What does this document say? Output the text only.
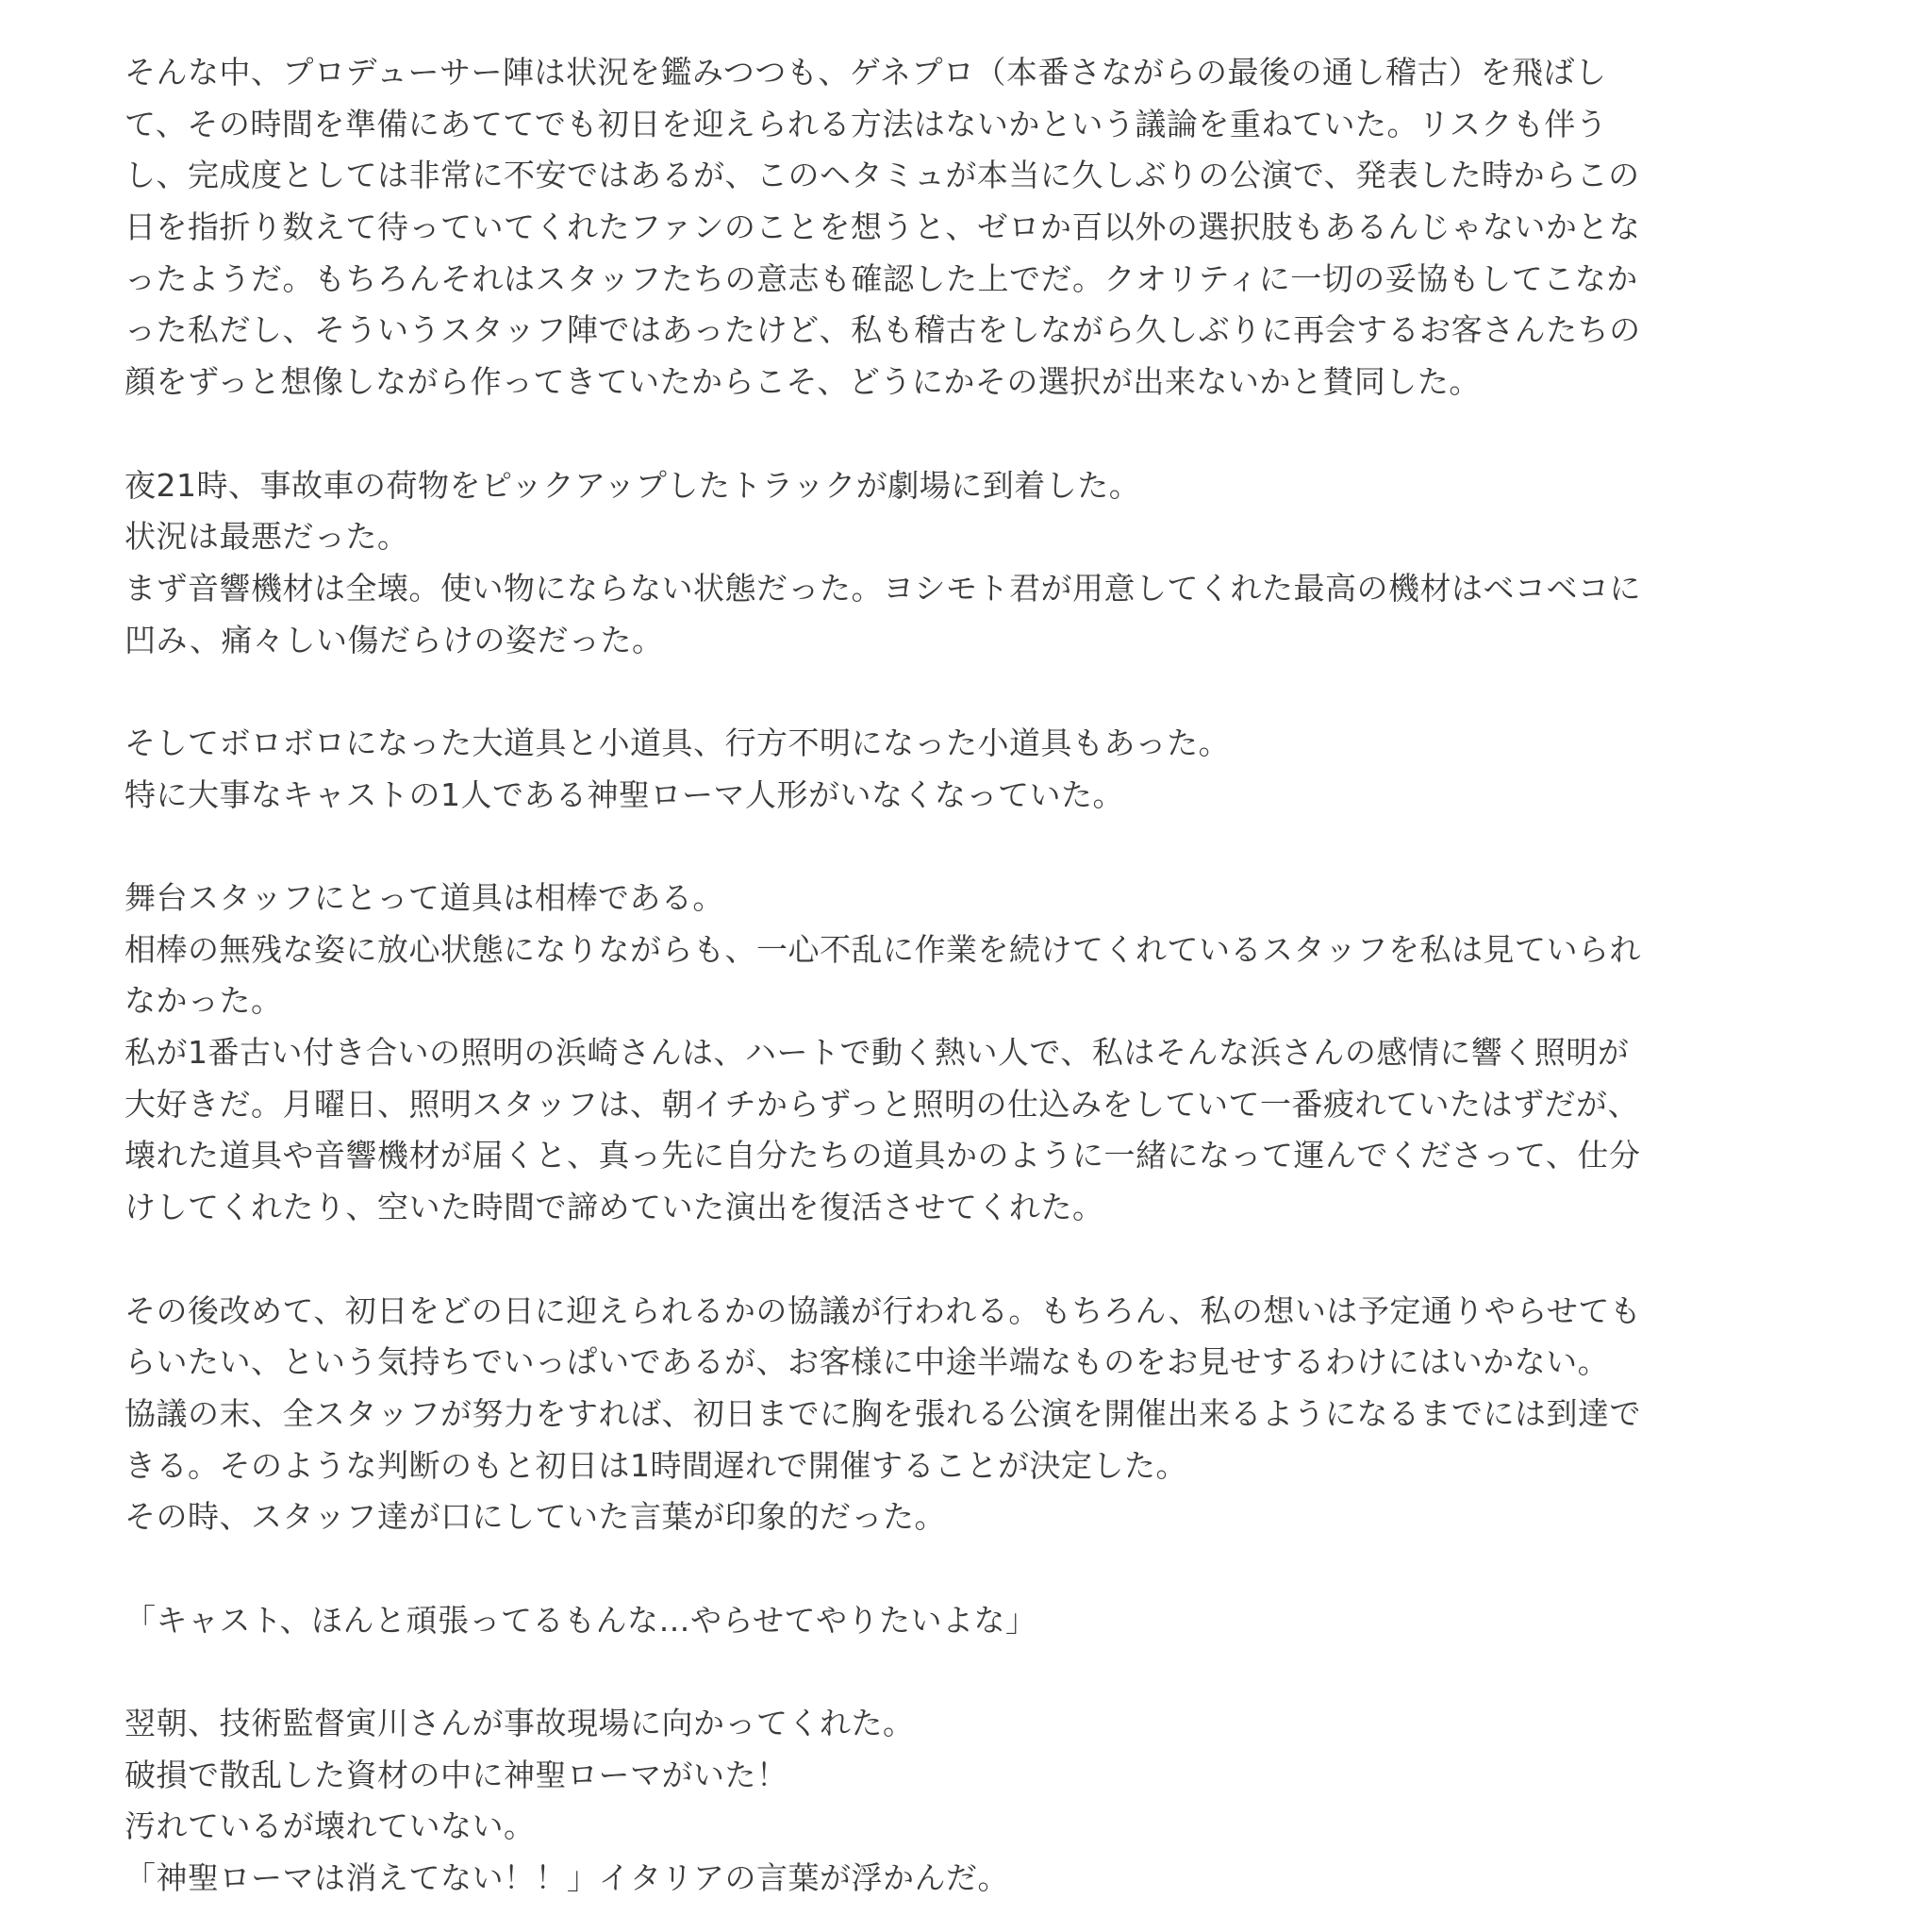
そんな中、プロデューサー陣は状況を鑑みつつも、ゲネプロ（本番さながらの最後の通し稽古）を飛ばし
て、その時間を準備にあててでも初日を迎えられる方法はないかという議論を重ねていた。リスクも伴う
し、完成度としては非常に不安ではあるが、このヘタミュが本当に久しぶりの公演で、発表した時からこの
日を指折り数えて待っていてくれたファンのことを想うと、ゼロか百以外の選択肢もあるんじゃないかとな
ったようだ。もちろんそれはスタッフたちの意志も確認した上でだ。クオリティに一切の妥協もしてこなか
った私だし、そういうスタッフ陣ではあったけど、私も稽古をしながら久しぶりに再会するお客さんたちの
顔をずっと想像しながら作ってきていたからこそ、どうにかその選択が出来ないかと賛同した。
夜21時、事故車の荷物をピックアップしたトラックが劇場に到着した。
状況は最悪だった。
まず音響機材は全壊。使い物にならない状態だった。ヨシモト君が用意してくれた最高の機材はベコベコに
凹み、痛々しい傷だらけの姿だった。
そしてボロボロになった大道具と小道具、行方不明になった小道具もあった。
特に大事なキャストの1人である神聖ローマ人形がいなくなっていた。
舞台スタッフにとって道具は相棒である。
相棒の無残な姿に放心状態になりながらも、一心不乱に作業を続けてくれているスタッフを私は見ていられ
なかった。
私が1番古い付き合いの照明の浜崎さんは、ハートで動く熱い人で、私はそんな浜さんの感情に響く照明が
大好きだ。月曜日、照明スタッフは、朝イチからずっと照明の仕込みをしていて一番疲れていたはずだが、
壊れた道具や音響機材が届くと、真っ先に自分たちの道具かのように一緒になって運んでくださって、仕分
けしてくれたり、空いた時間で諦めていた演出を復活させてくれた。
その後改めて、初日をどの日に迎えられるかの協議が行われる。もちろん、私の想いは予定通りやらせても
らいたい、という気持ちでいっぱいであるが、お客様に中途半端なものをお見せするわけにはいかない。
協議の末、全スタッフが努力をすれば、初日までに胸を張れる公演を開催出来るようになるまでには到達で
きる。そのような判断のもと初日は1時間遅れで開催することが決定した。
その時、スタッフ達が口にしていた言葉が印象的だった。
「キャスト、ほんと頑張ってるもんな…やらせてやりたいよな」
翌朝、技術監督寅川さんが事故現場に向かってくれた。
破損で散乱した資材の中に神聖ローマがいた！
汚れているが壊れていない。
「神聖ローマは消えてない！！」イタリアの言葉が浮かんだ。
